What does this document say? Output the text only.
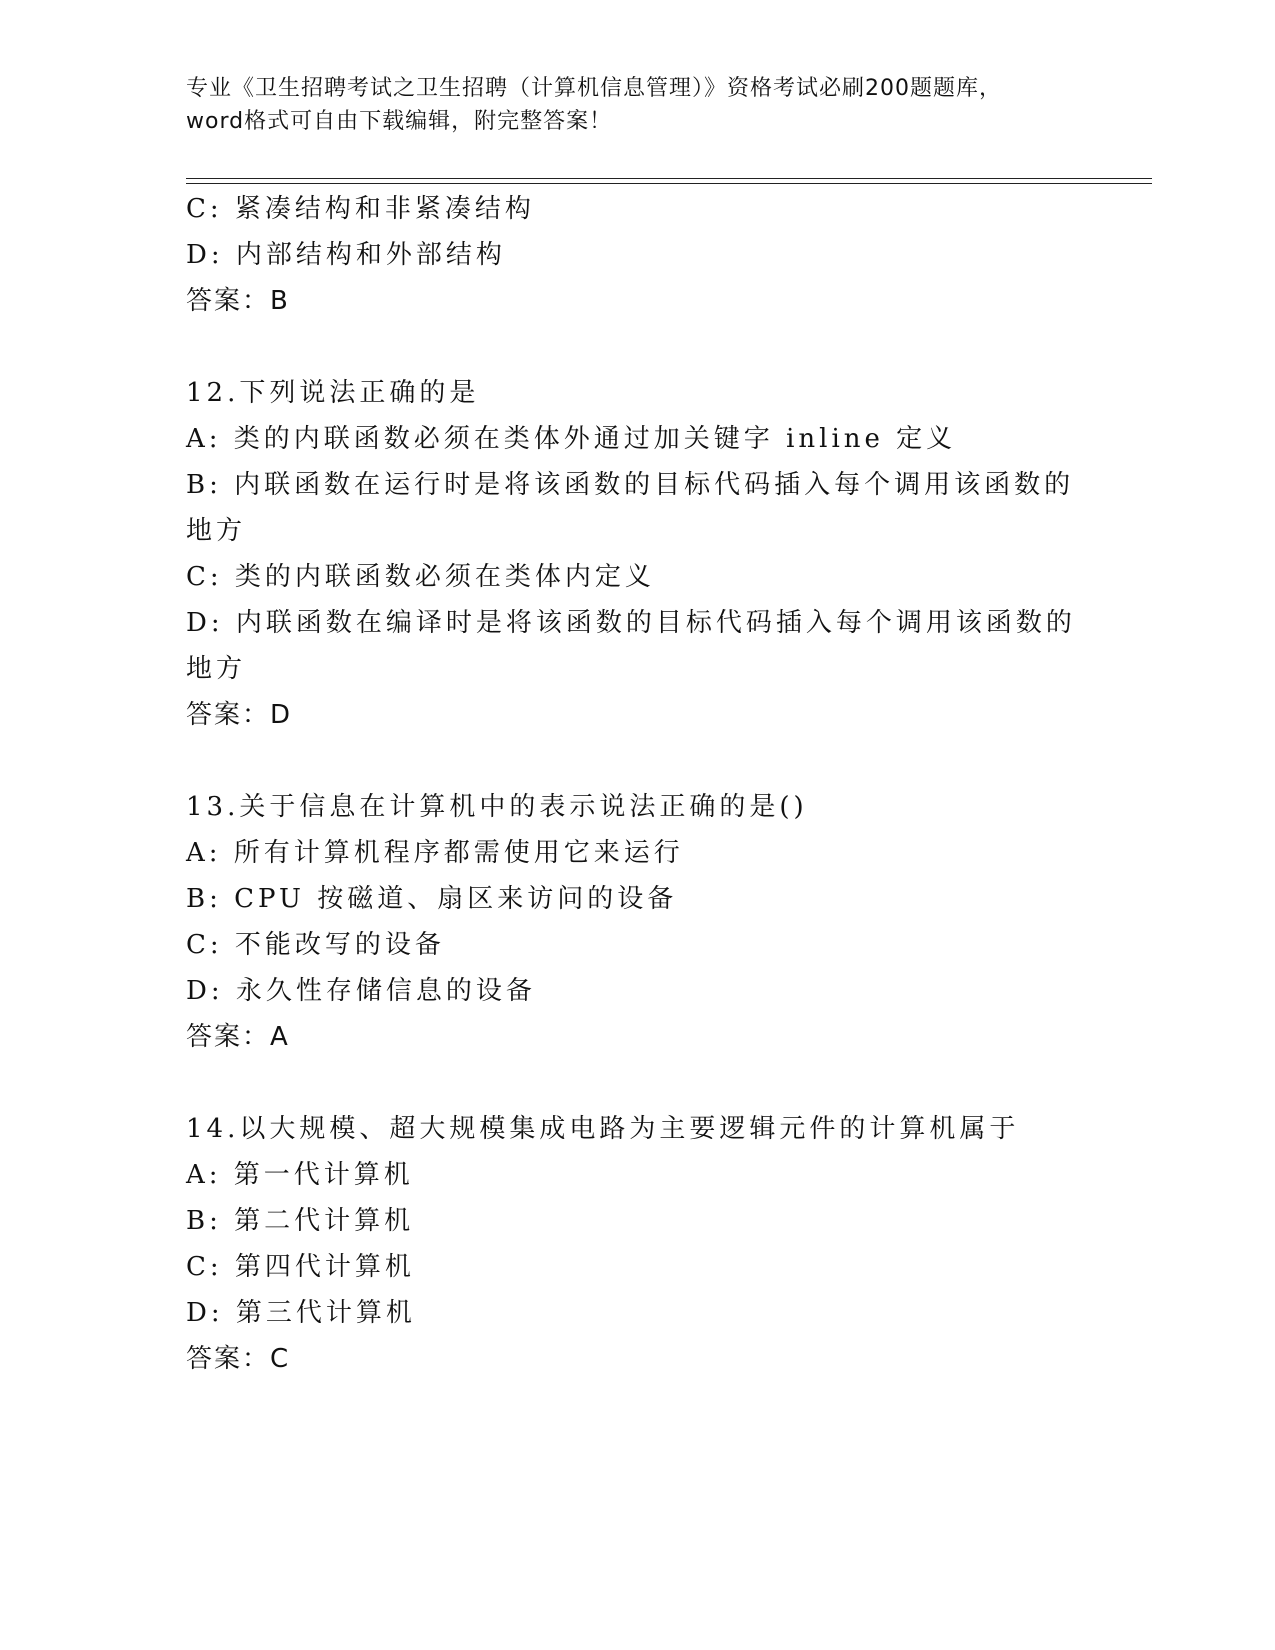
专业《卫生招聘考试之卫生招聘（计算机信息管理）》资格考试必刷200题题库，
word格式可自由下载编辑，附完整答案！
C: 紧凑结构和非紧凑结构
D: 内部结构和外部结构
答案：B
12.下列说法正确的是
A: 类的内联函数必须在类体外通过加关键字 inline 定义
B: 内联函数在运行时是将该函数的目标代码插入每个调用该函数的地方
C: 类的内联函数必须在类体内定义
D: 内联函数在编译时是将该函数的目标代码插入每个调用该函数的地方
答案：D
13.关于信息在计算机中的表示说法正确的是()
A: 所有计算机程序都需使用它来运行
B: CPU 按磁道、扇区来访问的设备
C: 不能改写的设备
D: 永久性存储信息的设备
答案：A
14.以大规模、超大规模集成电路为主要逻辑元件的计算机属于
A: 第一代计算机
B: 第二代计算机
C: 第四代计算机
D: 第三代计算机
答案：C
